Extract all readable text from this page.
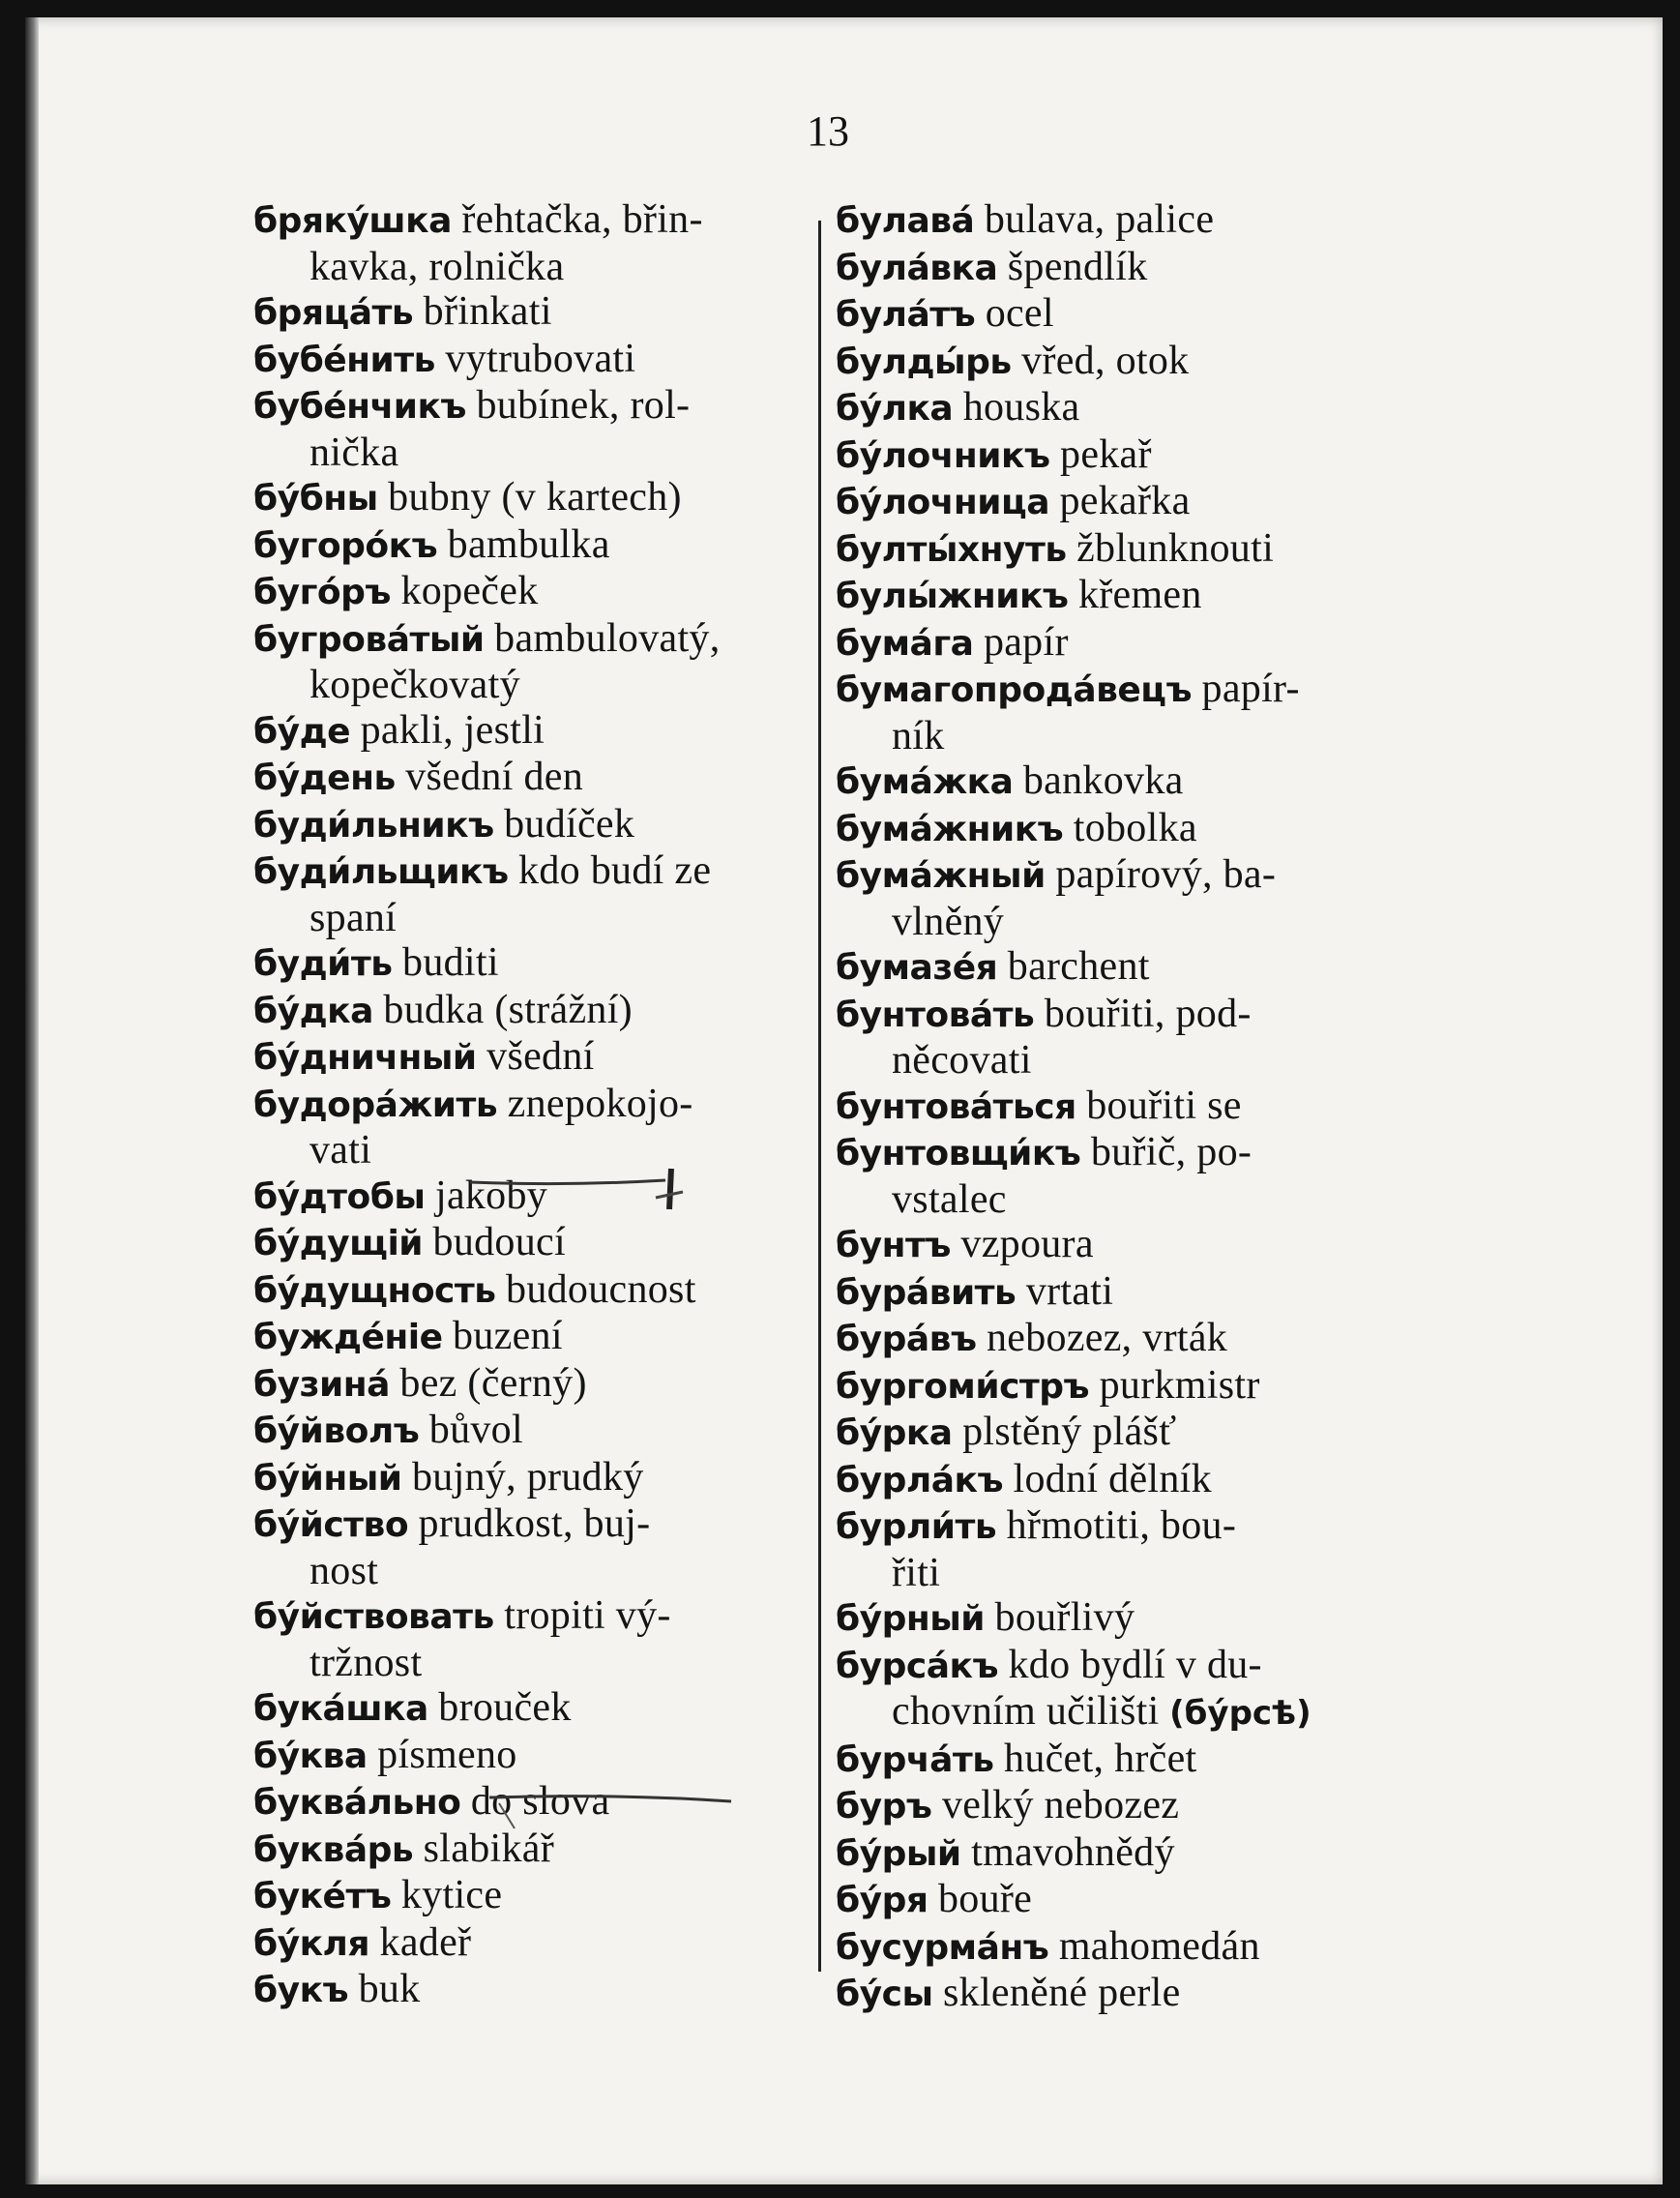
13
бряку́шка řehtačka, břin-
kavka, rolnička
бряца́ть břinkati
бубе́нить vytrubovati
бубе́нчикъ bubínek, rol-
nička
бу́бны bubny (v kartech)
бугоро́къ bambulka
буго́ръ kopeček
бугрова́тый bambulovatý,
kopečkovatý
бу́де pakli, jestli
бу́день všední den
буди́льникъ budíček
буди́льщикъ kdo budí ze
spaní
буди́ть buditi
бу́дка budka (strážní)
бу́дничный všední
будора́жить znepokojo-
vati
бу́дтобы jakoby
бу́дущій budoucí
бу́дущность budoucnost
бужде́ніе buzení
бузина́ bez (černý)
бу́йволъ bůvol
бу́йный bujný, prudký
бу́йство prudkost, buj-
nost
бу́йствовать tropiti vý-
tržnost
бука́шка brouček
бу́ква písmeno
буква́льно do slova
буква́рь slabikář
буке́тъ kytice
бу́кля kadeř
букъ buk
булава́ bulava, palice
була́вка špendlík
була́тъ ocel
булды́рь vřed, otok
бу́лка houska
бу́лочникъ pekař
бу́лочница pekařka
булты́хнуть žblunknouti
булы́жникъ křemen
бума́га papír
бумагопрода́вецъ papír-
ník
бума́жка bankovka
бума́жникъ tobolka
бума́жный papírový, ba-
vlněný
бумазе́я barchent
бунтова́ть bouřiti, pod-
něcovati
бунтова́ться bouřiti se
бунтовщи́къ buřič, po-
vstalec
бунтъ vzpoura
бура́вить vrtati
бура́въ nebozez, vrták
бургоми́стръ purkmistr
бу́рка plstěný plášť
бурла́къ lodní dělník
бурли́ть hřmotiti, bou-
řiti
бу́рный bouřlivý
бурса́къ kdo bydlí v du-
chovním učilišti (бу́рсѣ)
бурча́ть hučet, hrčet
буръ velký nebozez
бу́рый tmavohnědý
бу́ря bouře
бусурма́нъ mahomedán
бу́сы skleněné perle
